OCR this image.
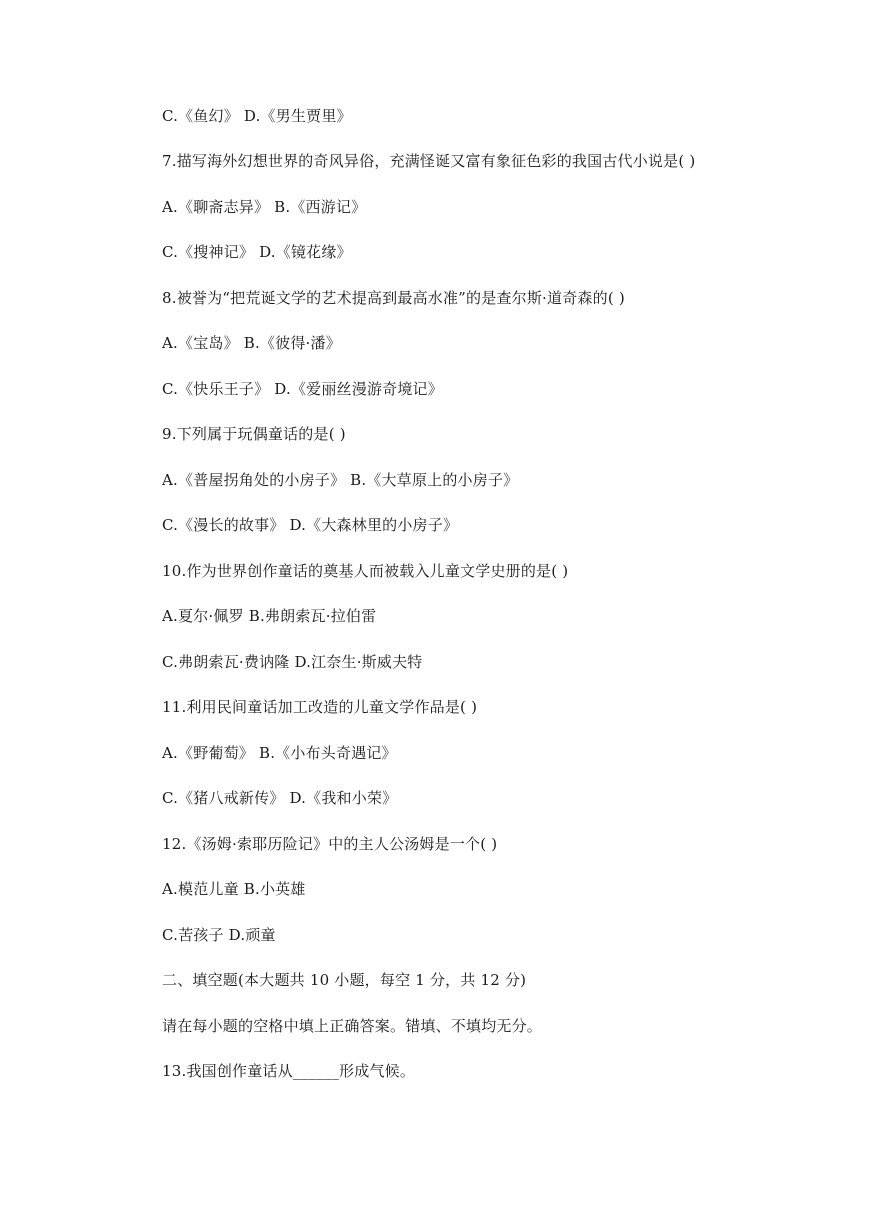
C.《鱼幻》 D.《男生贾里》
7.描写海外幻想世界的奇风异俗，充满怪诞又富有象征色彩的我国古代小说是( )
A.《聊斋志异》 B.《西游记》
C.《搜神记》 D.《镜花缘》
8.被誉为“把荒诞文学的艺术提高到最高水准”的是查尔斯·道奇森的( )
A.《宝岛》 B.《彼得·潘》
C.《快乐王子》 D.《爱丽丝漫游奇境记》
9.下列属于玩偶童话的是( )
A.《普屋拐角处的小房子》 B.《大草原上的小房子》
C.《漫长的故事》 D.《大森林里的小房子》
10.作为世界创作童话的奠基人而被载入儿童文学史册的是( )
A.夏尔·佩罗 B.弗朗索瓦·拉伯雷
C.弗朗索瓦·费讷隆 D.江奈生·斯威夫特
11.利用民间童话加工改造的儿童文学作品是( )
A.《野葡萄》 B.《小布头奇遇记》
C.《猪八戒新传》 D.《我和小荣》
12.《汤姆·索耶历险记》中的主人公汤姆是一个( )
A.模范儿童 B.小英雄
C.苦孩子 D.顽童
二、填空题(本大题共 10 小题，每空 1 分，共 12 分)
请在每小题的空格中填上正确答案。错填、不填均无分。
13.我国创作童话从______形成气候。
